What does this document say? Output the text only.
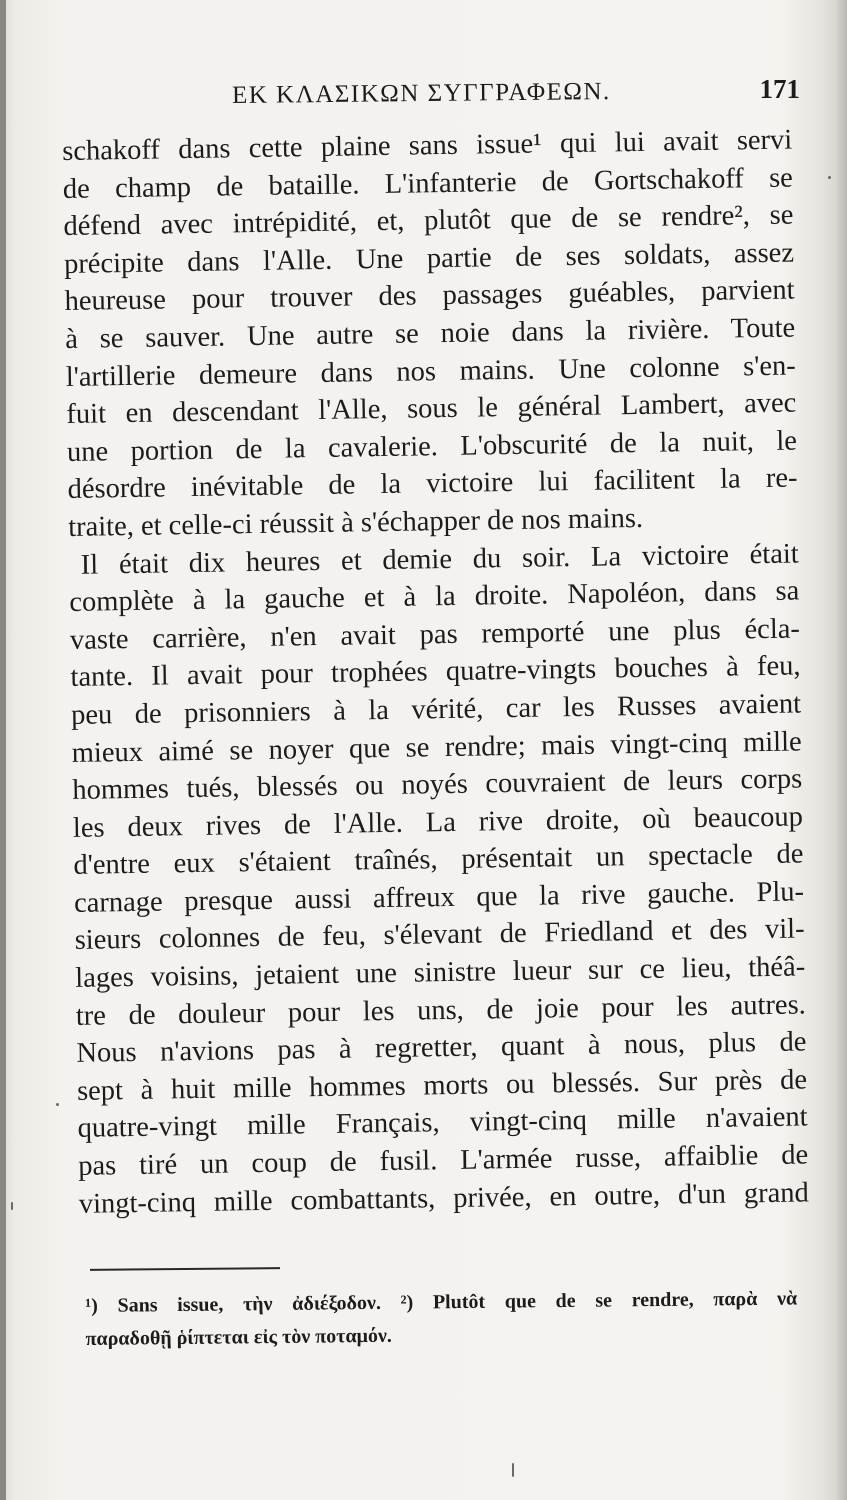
ΕΚ ΚΛΑΣΙΚΩΝ ΣΥΓΓΡΑΦΕΩΝ.	171
schakoff dans cette plaine sans issue¹ qui lui avait servi
de champ de bataille. L'infanterie de Gortschakoff se
défend avec intrépidité, et, plutôt que de se rendre², se
précipite dans l'Alle. Une partie de ses soldats, assez
heureuse pour trouver des passages guéables, parvient
à se sauver. Une autre se noie dans la rivière. Toute
l'artillerie demeure dans nos mains. Une colonne s'en-
fuit en descendant l'Alle, sous le général Lambert, avec
une portion de la cavalerie. L'obscurité de la nuit, le
désordre inévitable de la victoire lui facilitent la re-
traite, et celle-ci réussit à s'échapper de nos mains.
Il était dix heures et demie du soir. La victoire était
complète à la gauche et à la droite. Napoléon, dans sa
vaste carrière, n'en avait pas remporté une plus écla-
tante. Il avait pour trophées quatre-vingts bouches à feu,
peu de prisonniers à la vérité, car les Russes avaient
mieux aimé se noyer que se rendre; mais vingt-cinq mille
hommes tués, blessés ou noyés couvraient de leurs corps
les deux rives de l'Alle. La rive droite, où beaucoup
d'entre eux s'étaient traînés, présentait un spectacle de
carnage presque aussi affreux que la rive gauche. Plu-
sieurs colonnes de feu, s'élevant de Friedland et des vil-
lages voisins, jetaient une sinistre lueur sur ce lieu, théâ-
tre de douleur pour les uns, de joie pour les autres.
Nous n'avions pas à regretter, quant à nous, plus de
sept à huit mille hommes morts ou blessés. Sur près de
quatre-vingt mille Français, vingt-cinq mille n'avaient
pas tiré un coup de fusil. L'armée russe, affaiblie de
vingt-cinq mille combattants, privée, en outre, d'un grand
¹) Sans issue, τὴν ἀδιέξοδον. ²) Plutôt que de se rendre, παρὰ νὰ
παραδοθῇ ῥίπτεται εἰς τὸν ποταμόν.
